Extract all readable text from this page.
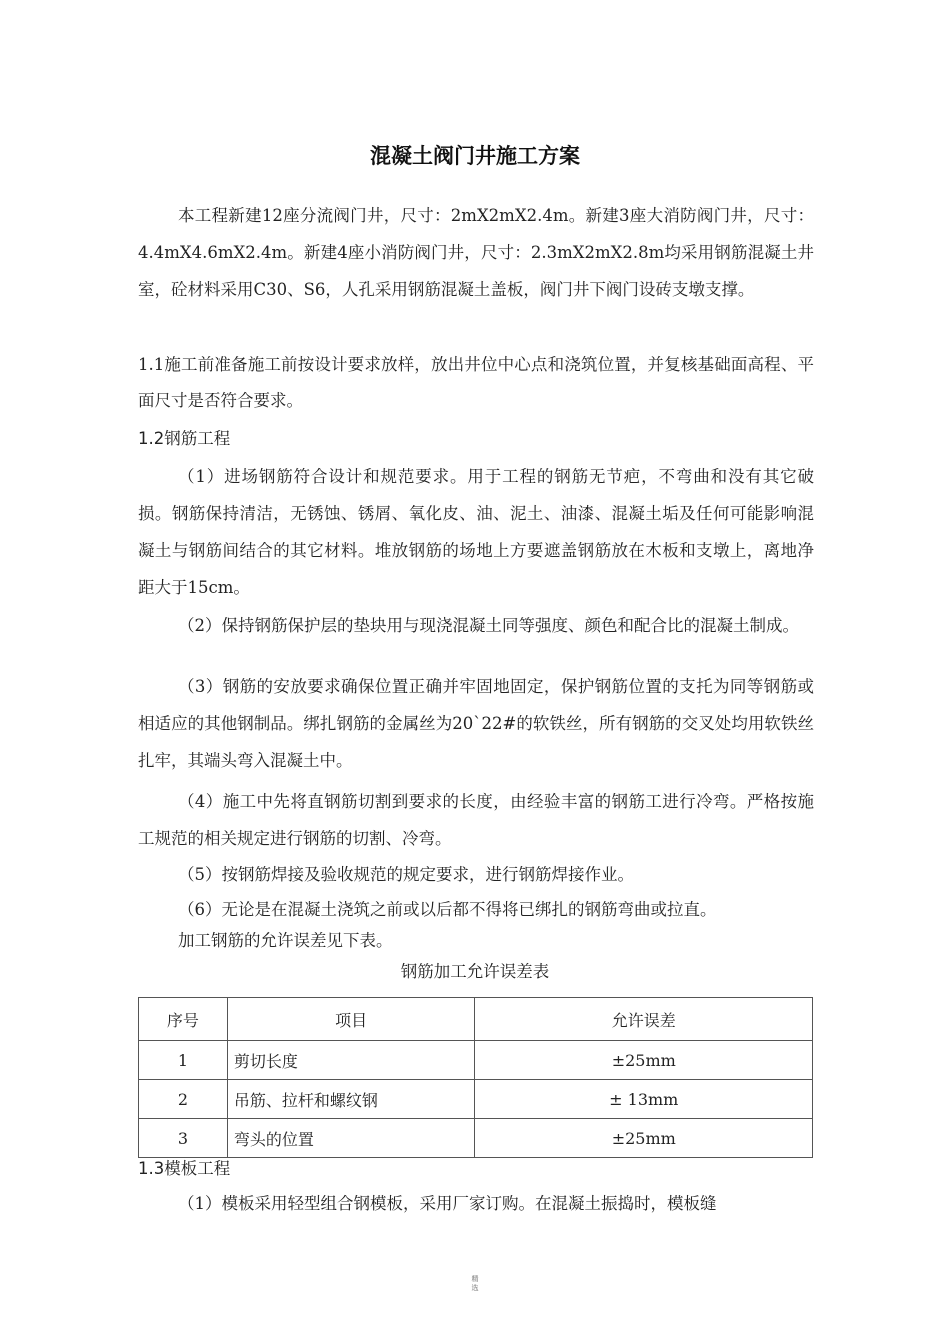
混凝土阀门井施工方案

本工程新建12座分流阀门井，尺寸：2mX2mX2.4m。新建3座大消防阀门井，尺寸：4.4mX4.6mX2.4m。新建4座小消防阀门井，尺寸：2.3mX2mX2.8m均采用钢筋混凝土井室，砼材料采用C30、S6，人孔采用钢筋混凝土盖板，阀门井下阀门设砖支墩支撑。

1.1施工前准备施工前按设计要求放样，放出井位中心点和浇筑位置，并复核基础面高程、平面尺寸是否符合要求。

1.2钢筋工程

（1）进场钢筋符合设计和规范要求。用于工程的钢筋无节疤，不弯曲和没有其它破损。钢筋保持清洁，无锈蚀、锈屑、氧化皮、油、泥土、油漆、混凝土垢及任何可能影响混凝土与钢筋间结合的其它材料。堆放钢筋的场地上方要遮盖钢筋放在木板和支墩上，离地净距大于15cm。

（2）保持钢筋保护层的垫块用与现浇混凝土同等强度、颜色和配合比的混凝土制成。

（3）钢筋的安放要求确保位置正确并牢固地固定，保护钢筋位置的支托为同等钢筋或相适应的其他钢制品。绑扎钢筋的金属丝为20`22#的软铁丝，所有钢筋的交叉处均用软铁丝扎牢，其端头弯入混凝土中。

（4）施工中先将直钢筋切割到要求的长度，由经验丰富的钢筋工进行冷弯。严格按施工规范的相关规定进行钢筋的切割、冷弯。

（5）按钢筋焊接及验收规范的规定要求，进行钢筋焊接作业。

（6）无论是在混凝土浇筑之前或以后都不得将已绑扎的钢筋弯曲或拉直。

加工钢筋的允许误差见下表。

钢筋加工允许误差表
序号	项目	允许误差
1	剪切长度	±25mm
2	吊筋、拉杆和螺纹钢	± 13mm
3	弯头的位置	±25mm

1.3模板工程

（1）模板采用轻型组合钢模板，采用厂家订购。在混凝土振捣时，模板缝

精
选
